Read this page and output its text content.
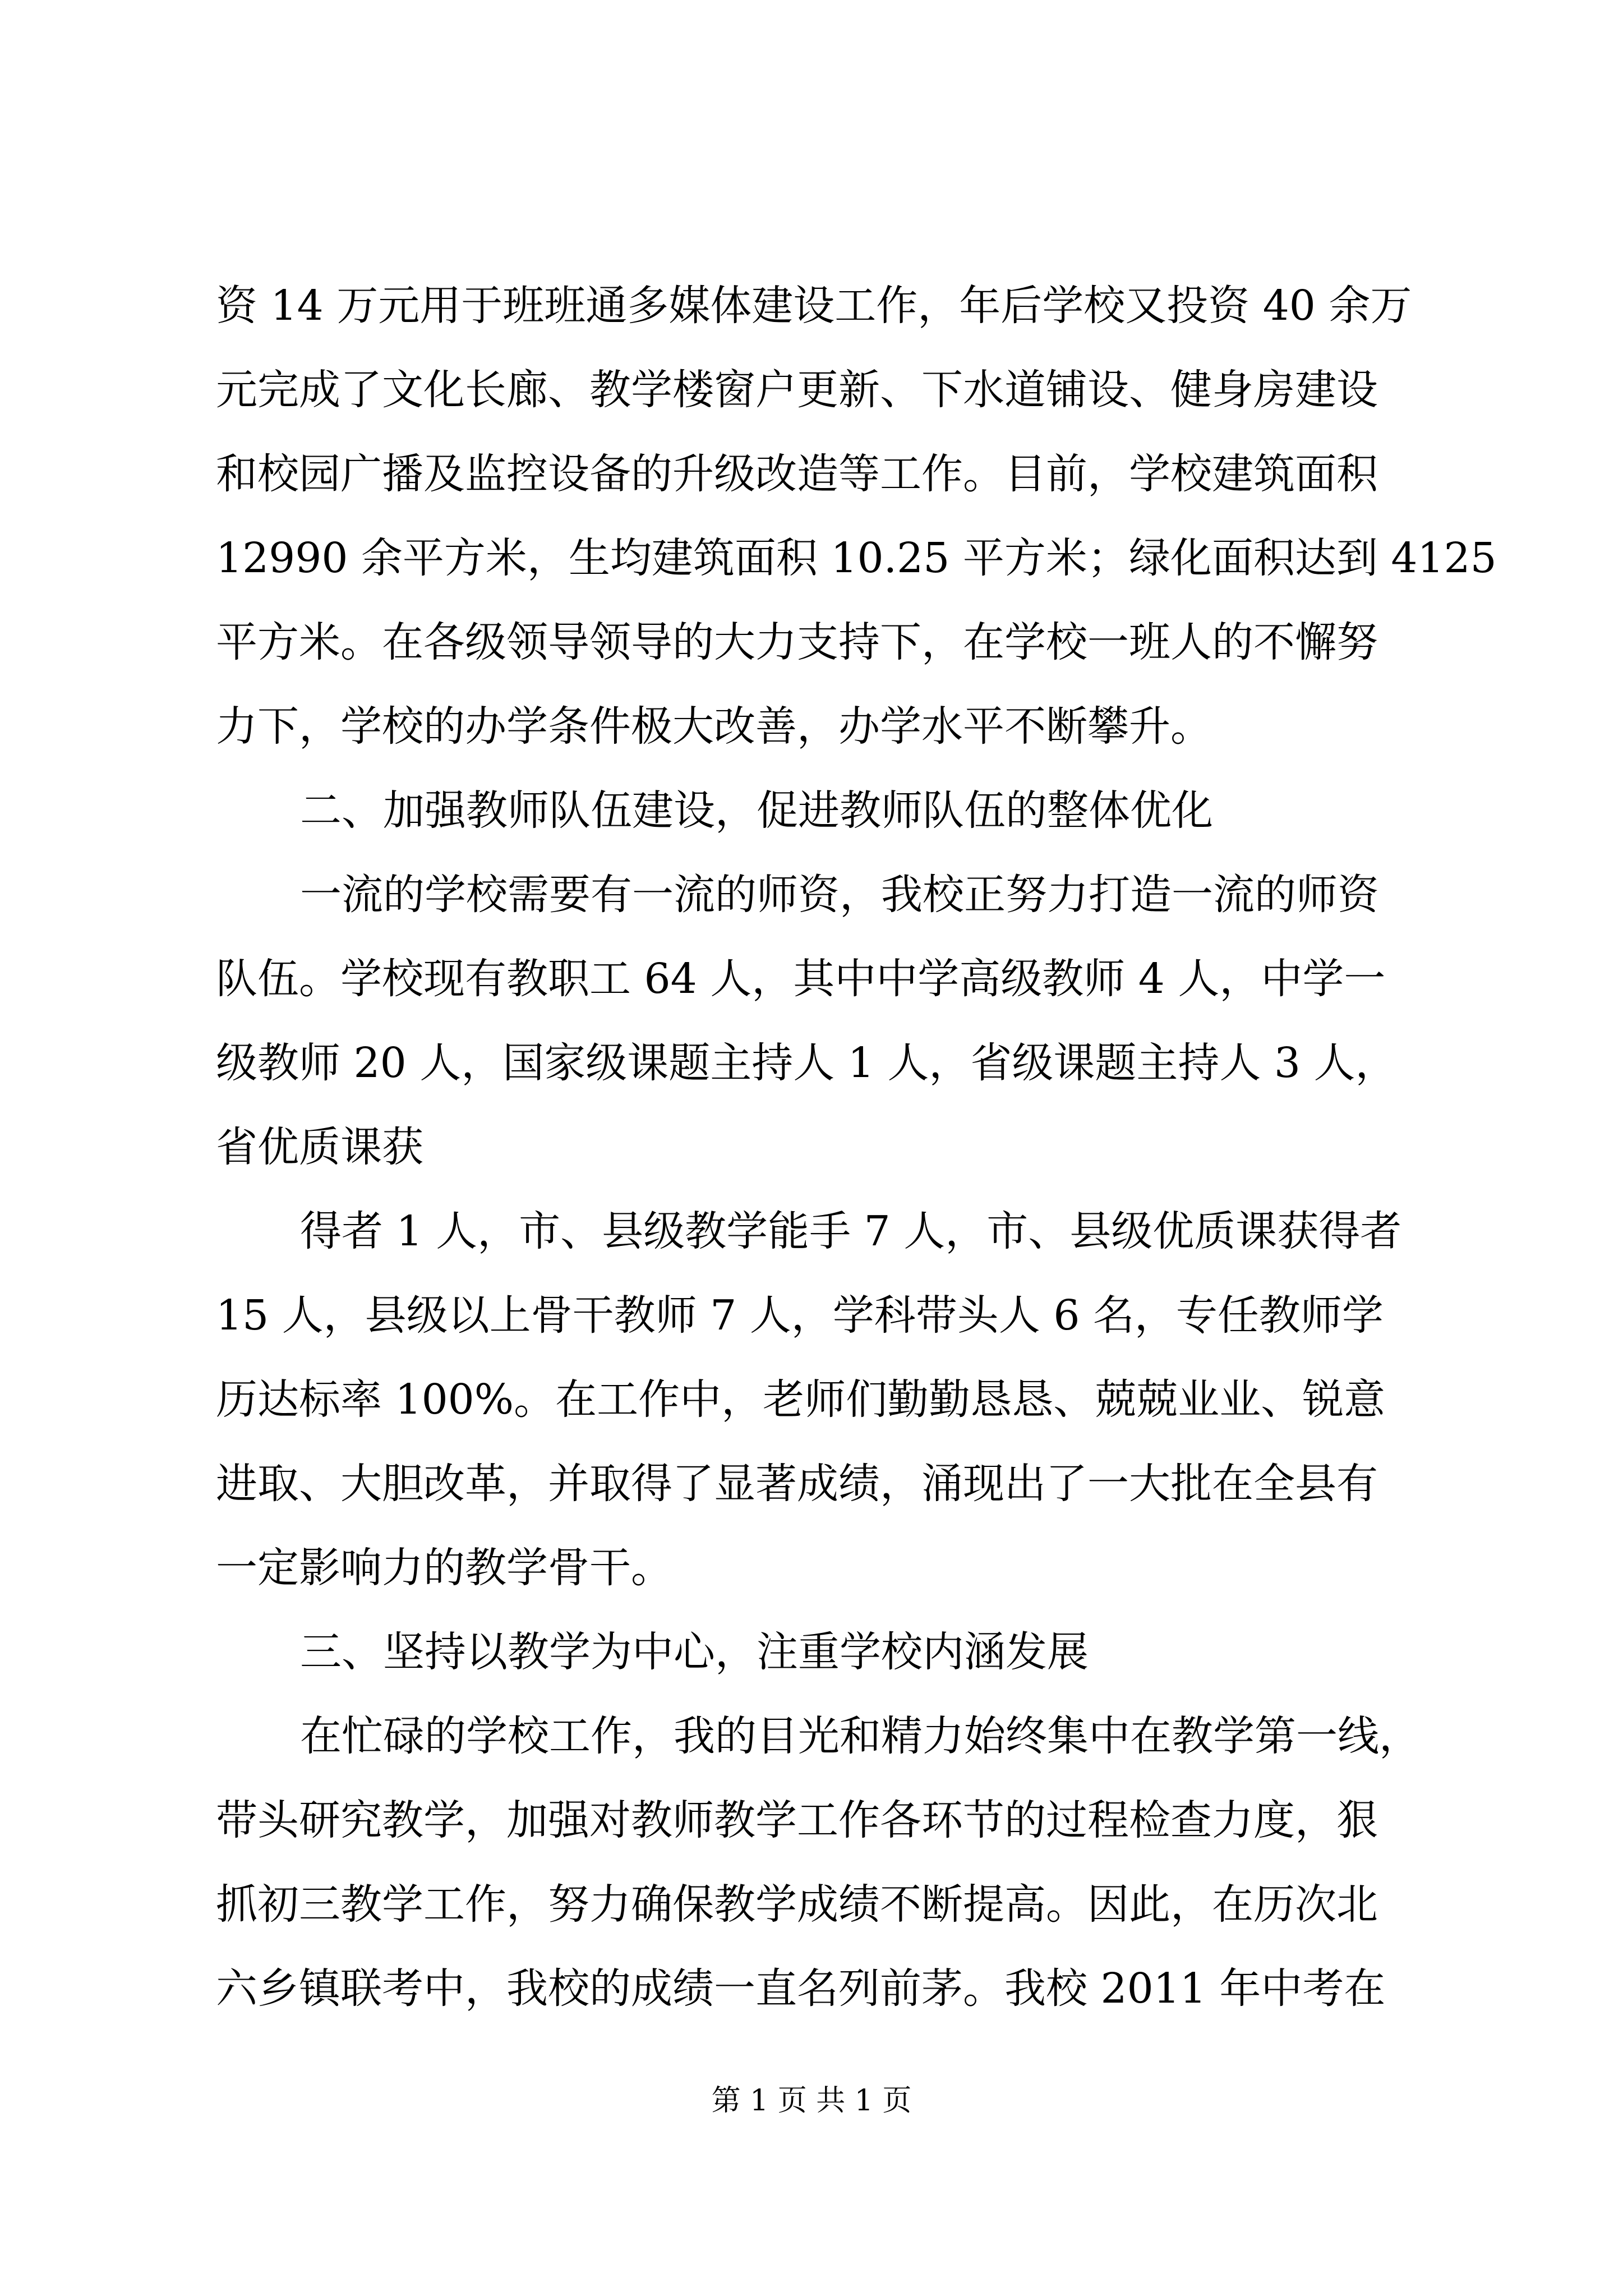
资 14 万元用于班班通多媒体建设工作，年后学校又投资 40 余万
元完成了文化长廊、教学楼窗户更新、下水道铺设、健身房建设
和校园广播及监控设备的升级改造等工作。目前，学校建筑面积
12990 余平方米，生均建筑面积 10.25 平方米；绿化面积达到 4125
平方米。在各级领导领导的大力支持下，在学校一班人的不懈努
力下，学校的办学条件极大改善，办学水平不断攀升。
二、加强教师队伍建设，促进教师队伍的整体优化
一流的学校需要有一流的师资，我校正努力打造一流的师资
队伍。学校现有教职工 64 人，其中中学高级教师 4 人，中学一
级教师 20 人，国家级课题主持人 1 人，省级课题主持人 3 人，
省优质课获
得者 1 人，市、县级教学能手 7 人，市、县级优质课获得者
15 人，县级以上骨干教师 7 人，学科带头人 6 名，专任教师学
历达标率 100%。在工作中，老师们勤勤恳恳、兢兢业业、锐意
进取、大胆改革，并取得了显著成绩，涌现出了一大批在全县有
一定影响力的教学骨干。
三、坚持以教学为中心，注重学校内涵发展
在忙碌的学校工作，我的目光和精力始终集中在教学第一线，
带头研究教学，加强对教师教学工作各环节的过程检查力度，狠
抓初三教学工作，努力确保教学成绩不断提高。因此，在历次北
六乡镇联考中，我校的成绩一直名列前茅。我校 2011 年中考在
第 1 页 共 1 页
